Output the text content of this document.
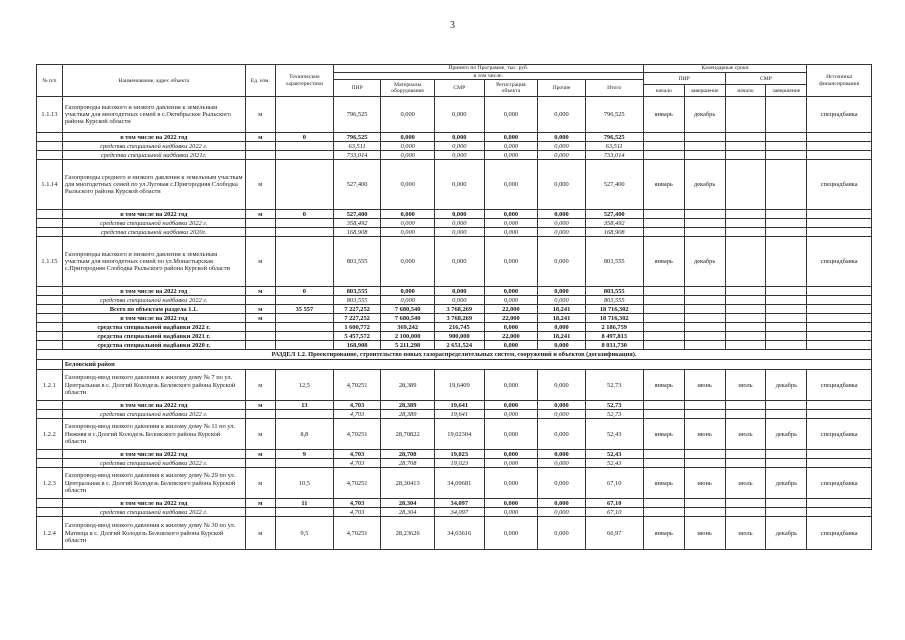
3
№ п/п	Наименование, адрес объекта	Ед. изм.	Технические характеристики	Принято по Программе, тыс. руб.						Календарные сроки				Источники финансирования
				в том числе:						ПИР		СМР		
				ПИР	Материалы оборудование	СМР	Регистрация объекта	Прочие	Итого					
										начало	завершение	начало	завершение	
1.1.13	Газопроводы высокого и низкого давления к земельным участкам для многодетных семей в с.Октябрьское Рыльского района Курской области	м		796,525	0,000	0,000	0,000	0,000	796,525	январь	декабрь			спецнадбавка
	в том числе на 2022 год	м	0	796,525	0,000	0,000	0,000	0,000	796,525					
	средства специальной надбавки 2022 г.			63,511	0,000	0,000	0,000	0,000	63,511					
	средства специальной надбавки 2021г.			733,014	0,000	0,000	0,000	0,000	733,014					
1.1.14	Газопроводы среднего и низкого давления к земельным участкам для многодетных семей по ул.Луговая с.Пригородняя Слободка Рыльского района Курской области	м		527,400	0,000	0,000	0,000	0,000	527,400	январь	декабрь			спецнадбавка
	в том числе на 2022 год	м	0	527,400	0,000	0,000	0,000	0,000	527,400					
	средства специальной надбавки 2022 г.			358,492	0,000	0,000	0,000	0,000	358,492					
	средства специальной надбавки 2020г.			168,908	0,000	0,000	0,000	0,000	168,908					
1.1.15	Газопроводы высокого и низкого давления к земельным участкам для многодетных семей по ул.Монастырская с.Пригородняя Слободка Рыльского района Курской области	м		803,555	0,000	0,000	0,000	0,000	803,555	январь	декабрь			спецнадбавка
	в том числе на 2022 год	м	0	803,555	0,000	0,000	0,000	0,000	803,555					
	средства специальной надбавки 2022 г.			803,555	0,000	0,000	0,000	0,000	803,555					
	Всего по объектам раздела 1.1.	м	35 557	7 227,252	7 680,540	3 768,269	22,000	18,241	18 716,302					
	в том числе на 2022 год	м		7 227,252	7 680,540	3 768,269	22,000	18,241	18 716,302					
	средства специальной надбавки 2022 г.			1 600,772	369,242	216,745	0,000	0,000	2 186,759					
	средства специальной надбавки 2021 г.			5 457,572	2 100,000	900,000	22,000	18,241	8 497,813					
	средства специальной надбавки 2020 г.			168,908	5 211,298	2 651,524	0,000	0,000	8 031,730					
РАЗДЕЛ 1.2. Проектирование, строительство новых газораспределительных систем, сооружений и объектов (догазификация).														
	Беловский район													
1.2.1	Газопровод-ввод низкого давления к жилому дому № 7 по ул. Центральная в с. Долгий Колодезь Беловского района Курской области	м	12,5	4,70251	28,389	19,6409	0,000	0,000	52,73	январь	июнь	июль	декабрь	спецнадбавка
	в том числе на 2022 год	м	13	4,703	28,389	19,641	0,000	0,000	52,73					
	средства специальной надбавки 2022 г.			4,703	28,389	19,641	0,000	0,000	52,73					
1.2.2	Газопровод-ввод низкого давления к жилому дому № 11 по ул. Нижняя в с.Долгий Колодезь Беловского района Курской области	м	8,8	4,70251	28,70822	19,02304	0,000	0,000	52,43	январь	июнь	июль	декабрь	спецнадбавка
	в том числе на 2022 год	м	9	4,703	28,708	19,023	0,000	0,000	52,43					
	средства специальной надбавки 2022 г.			4,703	28,708	19,023	0,000	0,000	52,43					
1.2.3	Газопровод-ввод низкого давления к жилому дому № 29 по ул. Центральная в с. Долгий Колодезь Беловского района Курской области	м	10,5	4,70251	28,30413	34,09681	0,000	0,000	67,10	январь	июнь	июль	декабрь	спецнадбавка
	в том числе на 2022 год	м	11	4,703	28,304	34,097	0,000	0,000	67,10					
	средства специальной надбавки 2022 г.			4,703	28,304	34,097	0,000	0,000	67,10					
1.2.4	Газопровод-ввод низкого давления к жилому дому № 30 по ул. Матвеца в с. Долгий Колодезь Беловского района Курской области	м	9,5	4,70251	28,23626	34,03616	0,000	0,000	66,97	январь	июнь	июль	декабрь	спецнадбавка
